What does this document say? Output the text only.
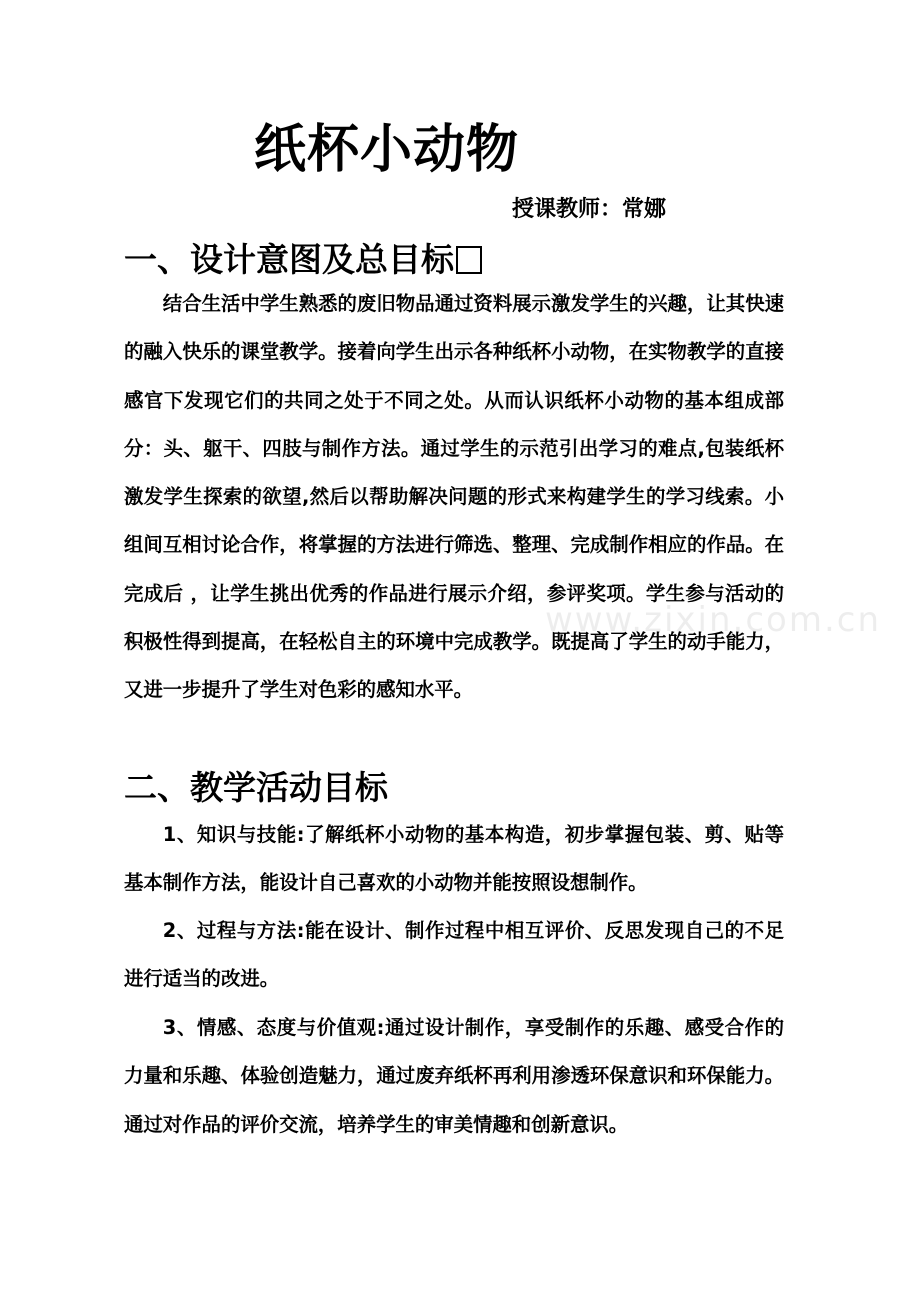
www.zixin.com.cn
纸杯小动物

授课教师：常娜

一、设计意图及总目标

结合生活中学生熟悉的废旧物品通过资料展示激发学生的兴趣，让其快速的融入快乐的课堂教学。接着向学生出示各种纸杯小动物，在实物教学的直接感官下发现它们的共同之处于不同之处。从而认识纸杯小动物的基本组成部分：头、躯干、四肢与制作方法。通过学生的示范引出学习的难点,包装纸杯激发学生探索的欲望,然后以帮助解决问题的形式来构建学生的学习线索。小组间互相讨论合作，将掌握的方法进行筛选、整理、完成制作相应的作品。在完成后 ，让学生挑出优秀的作品进行展示介绍，参评奖项。学生参与活动的积极性得到提高，在轻松自主的环境中完成教学。既提高了学生的动手能力，又进一步提升了学生对色彩的感知水平。

二、教学活动目标

1、知识与技能:了解纸杯小动物的基本构造，初步掌握包装、剪、贴等基本制作方法，能设计自己喜欢的小动物并能按照设想制作。

2、过程与方法:能在设计、制作过程中相互评价、反思发现自己的不足进行适当的改进。

3、情感、态度与价值观:通过设计制作，享受制作的乐趣、感受合作的力量和乐趣、体验创造魅力，通过废弃纸杯再利用渗透环保意识和环保能力。通过对作品的评价交流，培养学生的审美情趣和创新意识。
